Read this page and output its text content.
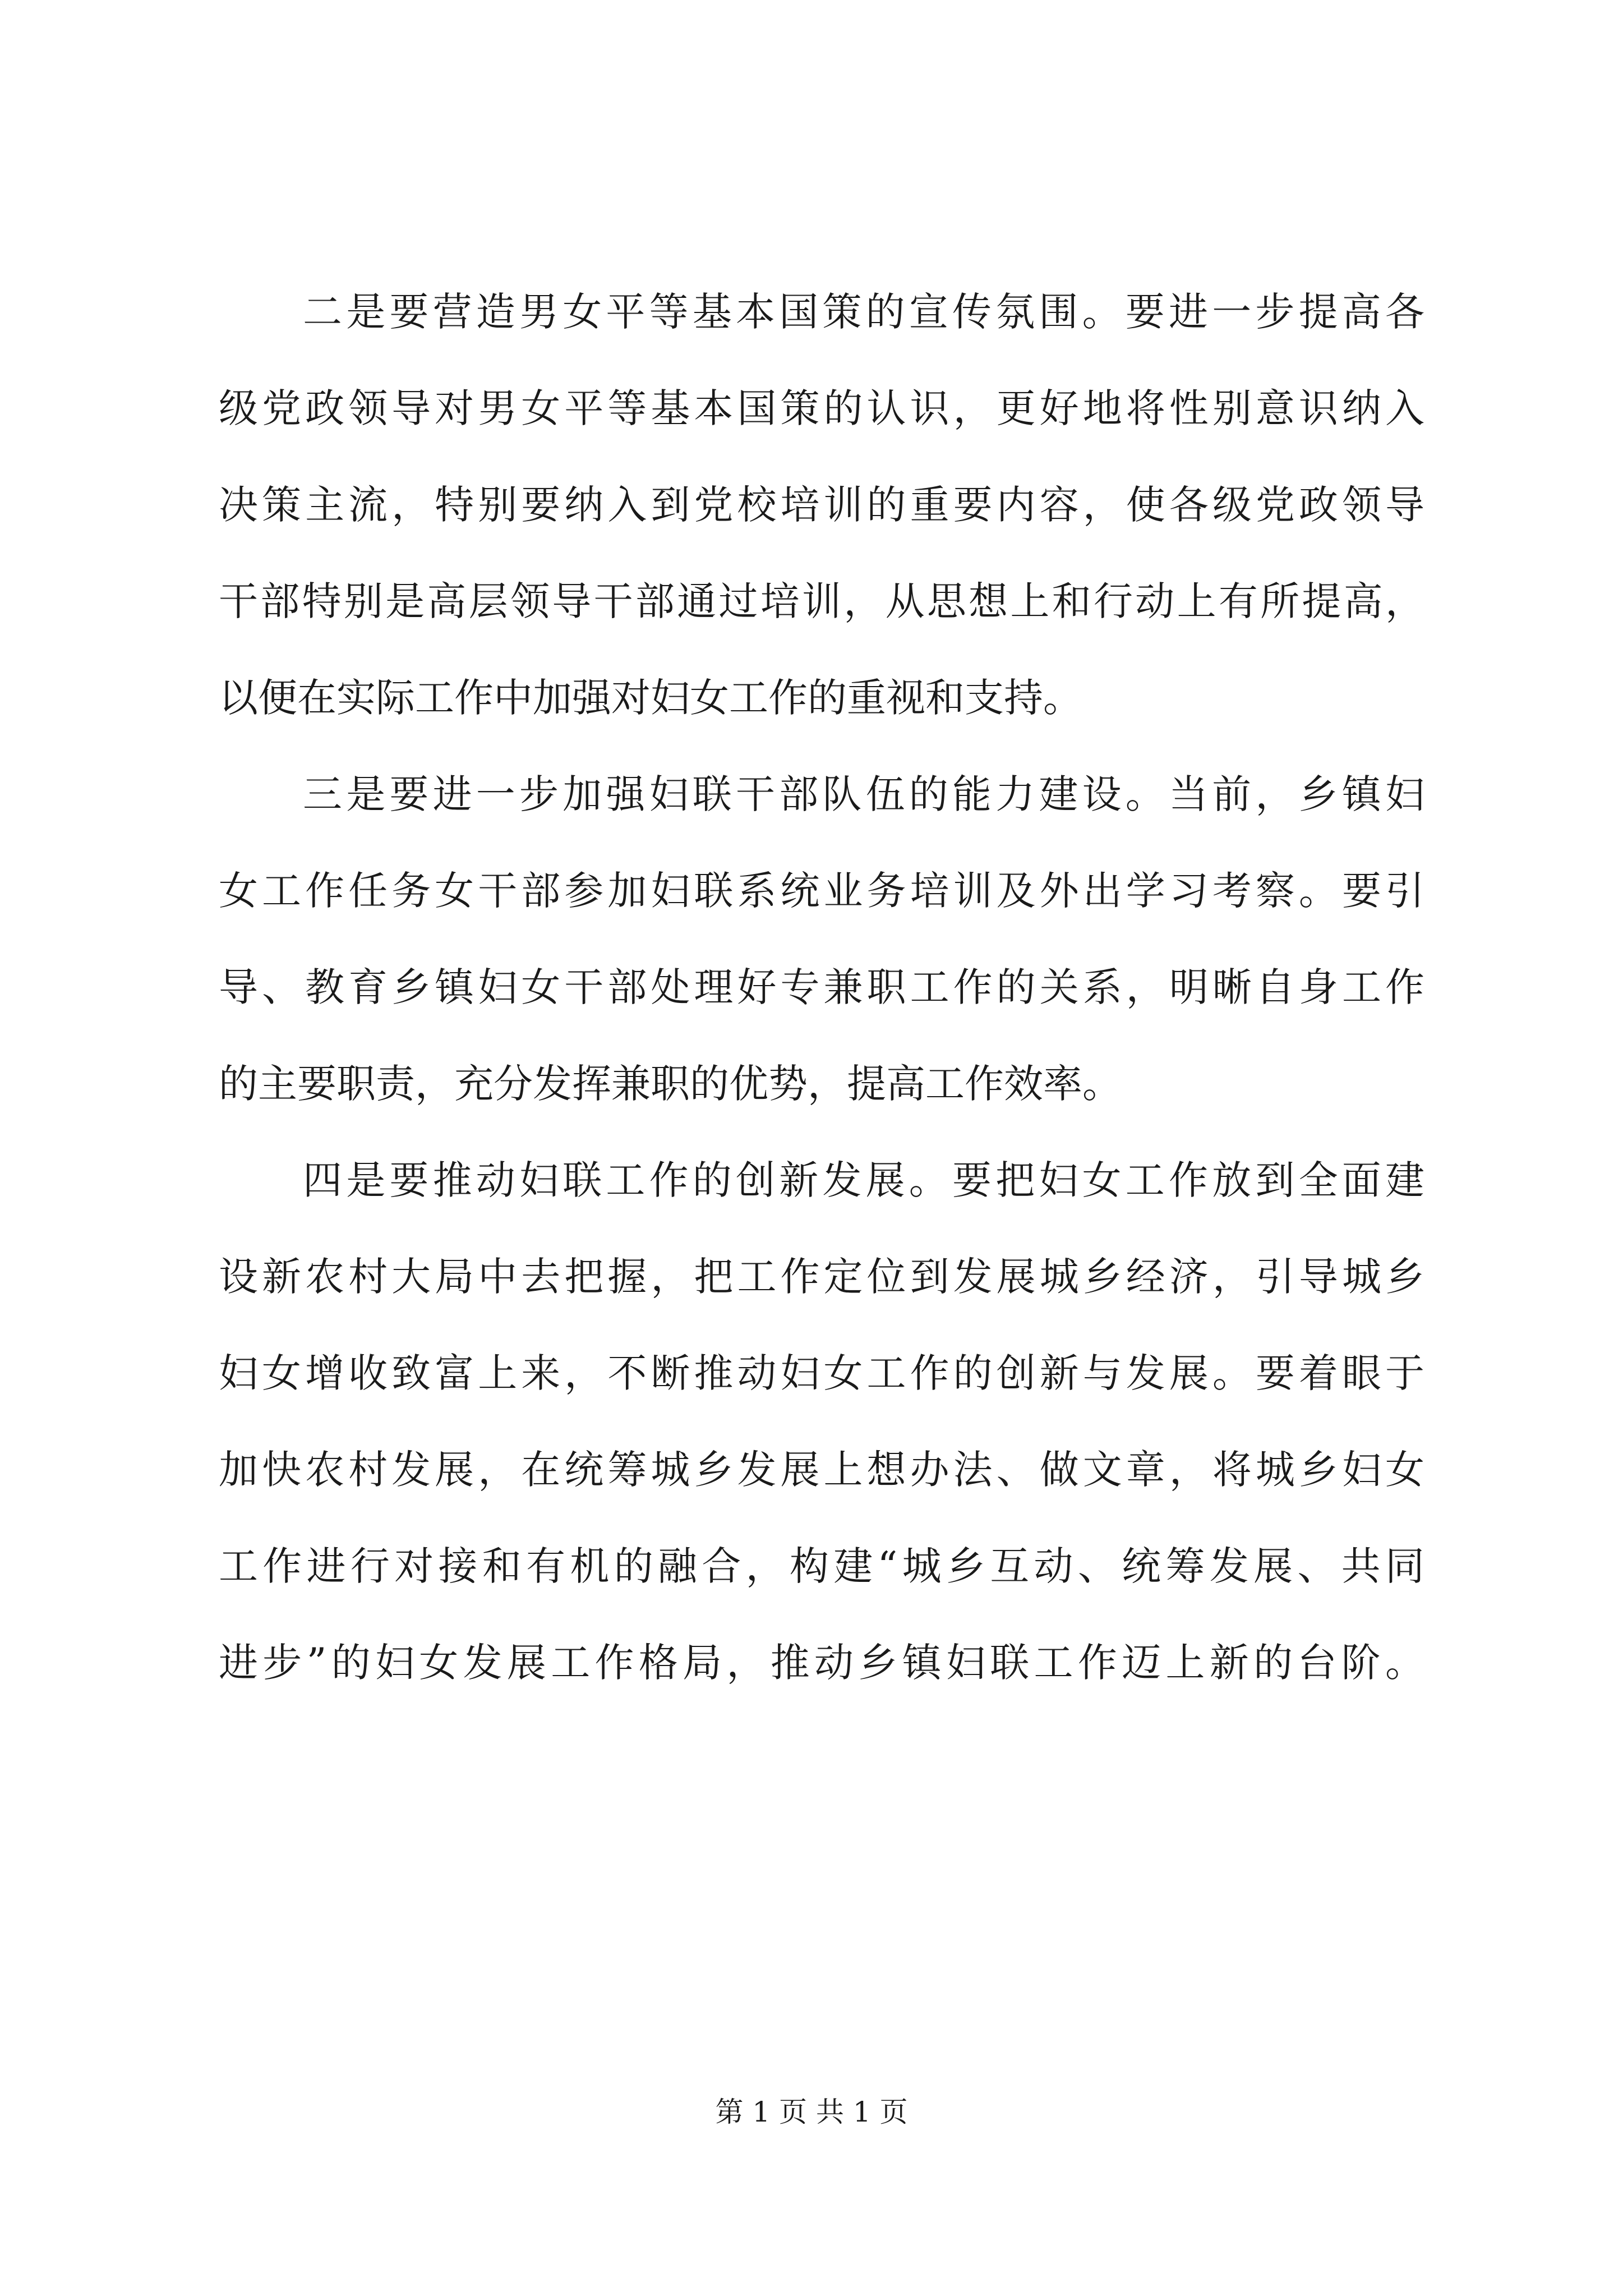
二是要营造男女平等基本国策的宣传氛围。要进一步提高各
级党政领导对男女平等基本国策的认识，更好地将性别意识纳入
决策主流，特别要纳入到党校培训的重要内容，使各级党政领导
干部特别是高层领导干部通过培训，从思想上和行动上有所提高，
以便在实际工作中加强对妇女工作的重视和支持。
三是要进一步加强妇联干部队伍的能力建设。当前，乡镇妇
女工作任务女干部参加妇联系统业务培训及外出学习考察。要引
导、教育乡镇妇女干部处理好专兼职工作的关系，明晰自身工作
的主要职责，充分发挥兼职的优势，提高工作效率。
四是要推动妇联工作的创新发展。要把妇女工作放到全面建
设新农村大局中去把握，把工作定位到发展城乡经济，引导城乡
妇女增收致富上来，不断推动妇女工作的创新与发展。要着眼于
加快农村发展，在统筹城乡发展上想办法、做文章，将城乡妇女
工作进行对接和有机的融合，构建“城乡互动、统筹发展、共同
进步”的妇女发展工作格局，推动乡镇妇联工作迈上新的台阶。
第 1 页 共 1 页
